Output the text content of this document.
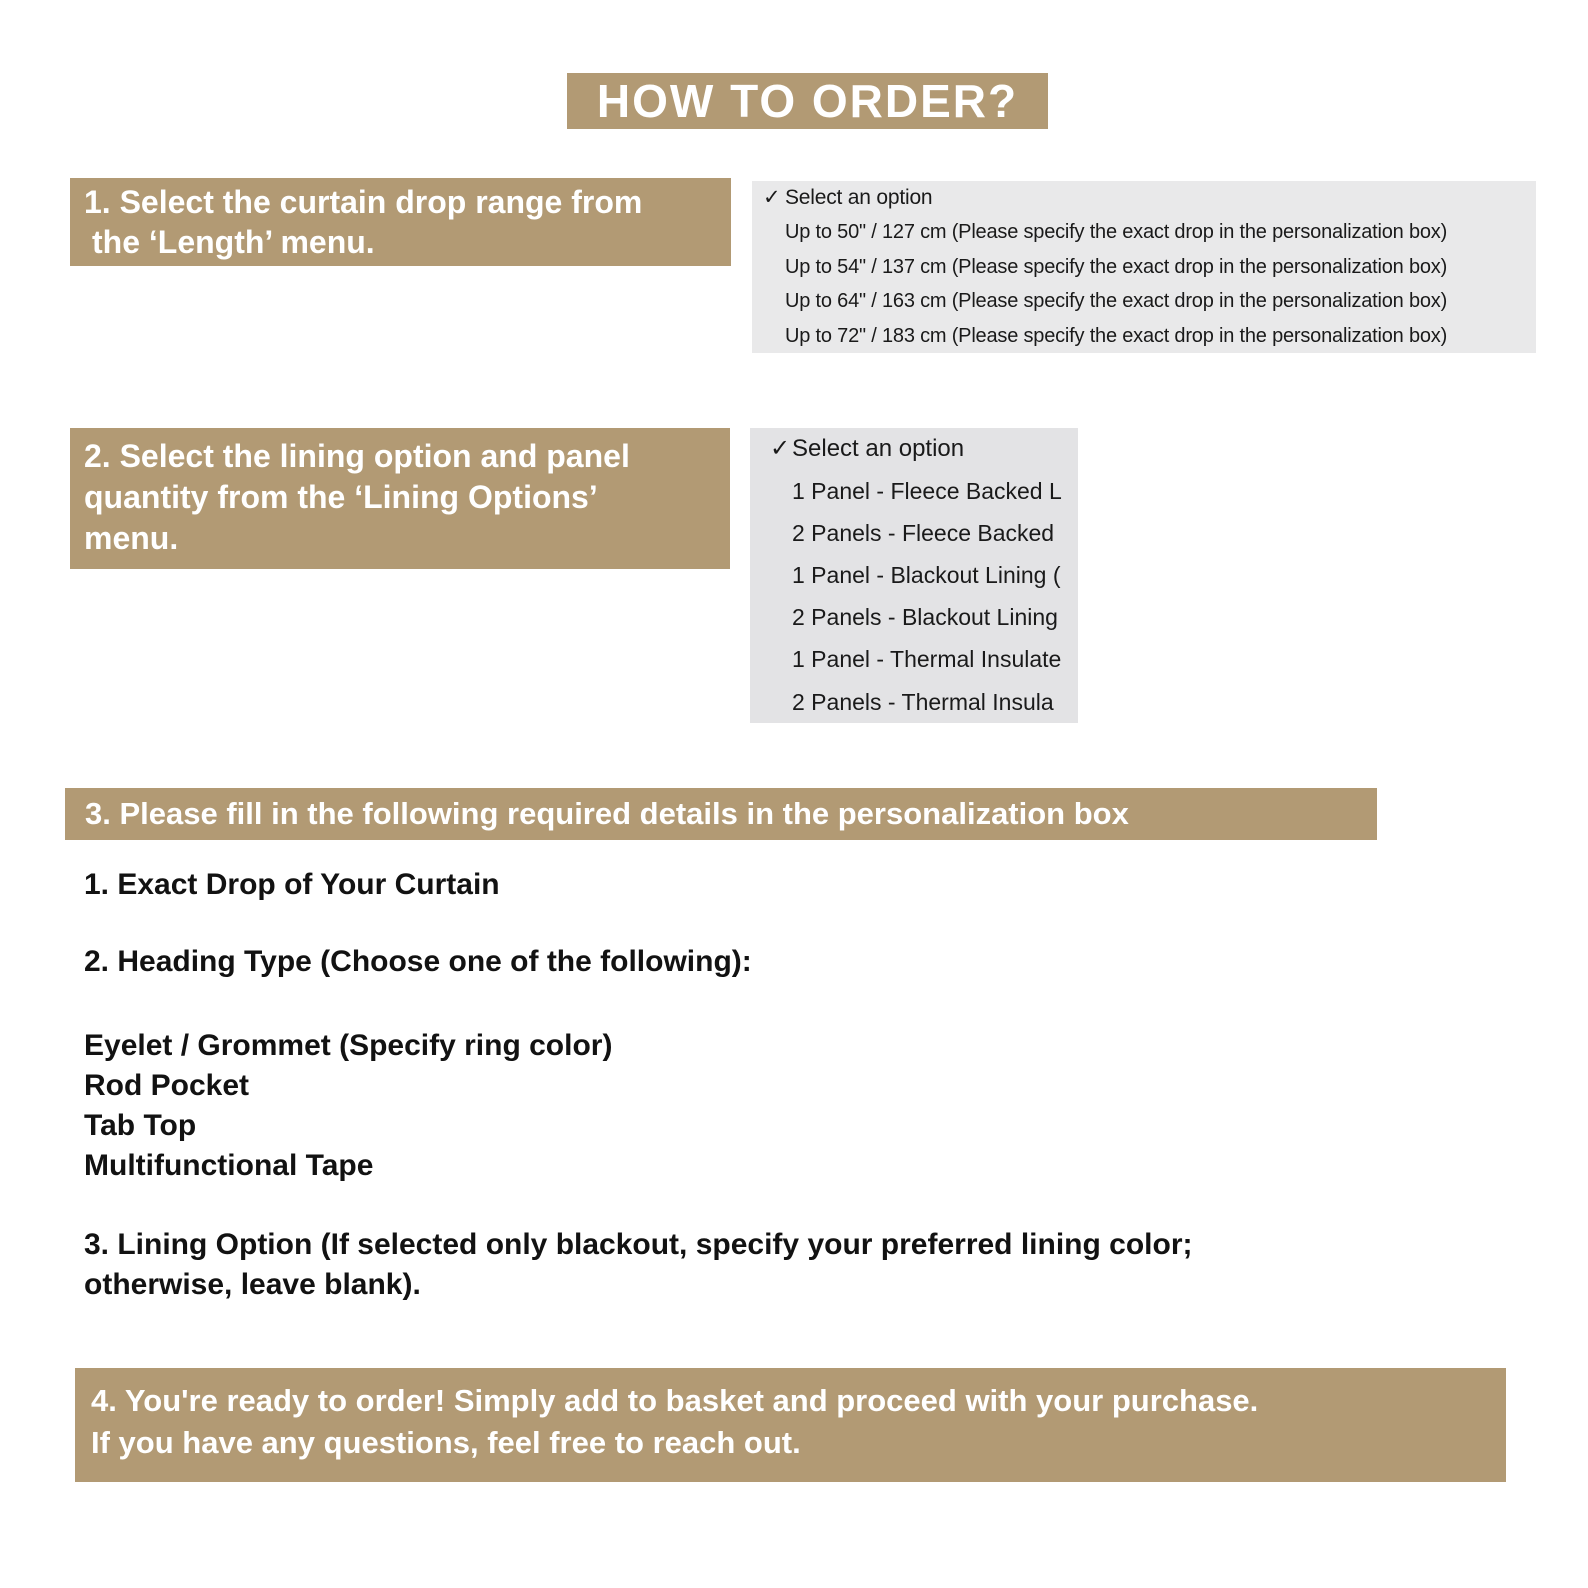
HOW TO ORDER?
1. Select the curtain drop range from
the ‘Length’ menu.
✓ Select an option
Up to 50" / 127 cm (Please specify the exact drop in the personalization box)
Up to 54" / 137 cm (Please specify the exact drop in the personalization box)
Up to 64" / 163 cm (Please specify the exact drop in the personalization box)
Up to 72" / 183 cm (Please specify the exact drop in the personalization box)
2. Select the lining option and panel
quantity from the ‘Lining Options’
menu.
✓Select an option
1 Panel - Fleece Backed L
2 Panels - Fleece Backed
1 Panel - Blackout Lining (
2 Panels - Blackout Lining
1 Panel - Thermal Insulate
2 Panels - Thermal Insula
3. Please fill in the following required details in the personalization box
1. Exact Drop of Your Curtain
2. Heading Type (Choose one of the following):
Eyelet / Grommet (Specify ring color)
Rod Pocket
Tab Top
Multifunctional Tape
3. Lining Option (If selected only blackout, specify your preferred lining color;
otherwise, leave blank).
4. You're ready to order! Simply add to basket and proceed with your purchase.
If you have any questions, feel free to reach out.
